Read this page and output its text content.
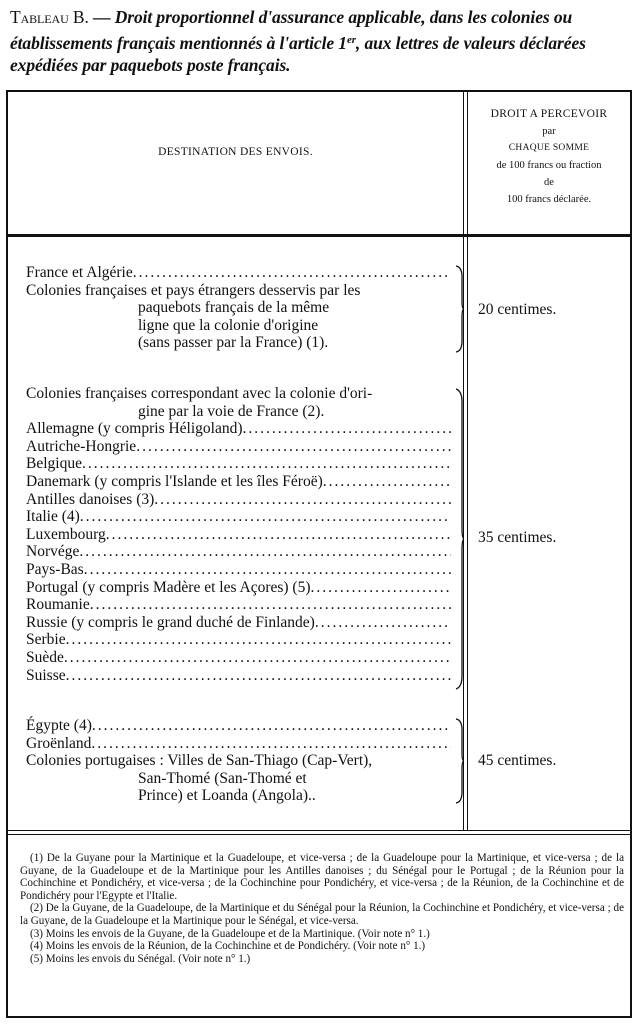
Tableau B. — Droit proportionnel d'assurance applicable, dans les colonies ou établissements français mentionnés à l'article 1er, aux lettres de valeurs déclarées expédiées par paquebots poste français.
DESTINATION DES ENVOIS.
DROIT A PERCEVOIR
par
CHAQUE SOMME
de 100 francs ou fraction
de
100 francs déclarée.
France et Algérie
.....
Colonies françaises et pays étrangers desservis par les
paquebots français de la même
ligne que la colonie d'origine
(sans passer par la France) (1).
20 centimes.
Colonies françaises correspondant avec la colonie d'ori-
gine par la voie de France (2).
Allemagne (y compris Héligoland)
.....
Autriche-Hongrie
.....
Belgique
.....
Danemark (y compris l'Islande et les îles Féroë)
.....
Antilles danoises (3)
.....
Italie (4)
.....
Luxembourg
.....
Norvége
.....
Pays-Bas
.....
Portugal (y compris Madère et les Açores) (5)
.....
Roumanie
.....
Russie (y compris le grand duché de Finlande)
.....
Serbie
.....
Suède
.....
Suisse
.....
35 centimes.
Égypte (4)
.....
Groënland
.....
Colonies portugaises : Villes de San-Thiago (Cap-Vert),
San-Thomé (San-Thomé et
Prince) et Loanda (Angola)..
45 centimes.

(1) De la Guyane pour la Martinique et la Guadeloupe, et vice-versa ; de la Guadeloupe pour la Martinique, et vice-versa ; de la Guyane, de la Guadeloupe et de la Martinique pour les Antilles danoises ; du Sénégal pour le Portugal ; de la Réunion pour la Cochinchine et Pondichéry, et vice-versa ; de la Cochinchine pour Pondichéry, et vice-versa ; de la Réunion, de la Cochinchine et de Pondichéry pour l'Egypte et l'Italie.

(2) De la Guyane, de la Guadeloupe, de la Martinique et du Sénégal pour la Réunion, la Cochinchine et Pondichéry, et vice-versa ; de la Guyane, de la Guadeloupe et la Martinique pour le Sénégal, et vice-versa.

(3) Moins les envois de la Guyane, de la Guadeloupe et de la Martinique. (Voir note n° 1.)

(4) Moins les envois de la Réunion, de la Cochinchine et de Pondichéry. (Voir note n° 1.)

(5) Moins les envois du Sénégal. (Voir note n° 1.)
